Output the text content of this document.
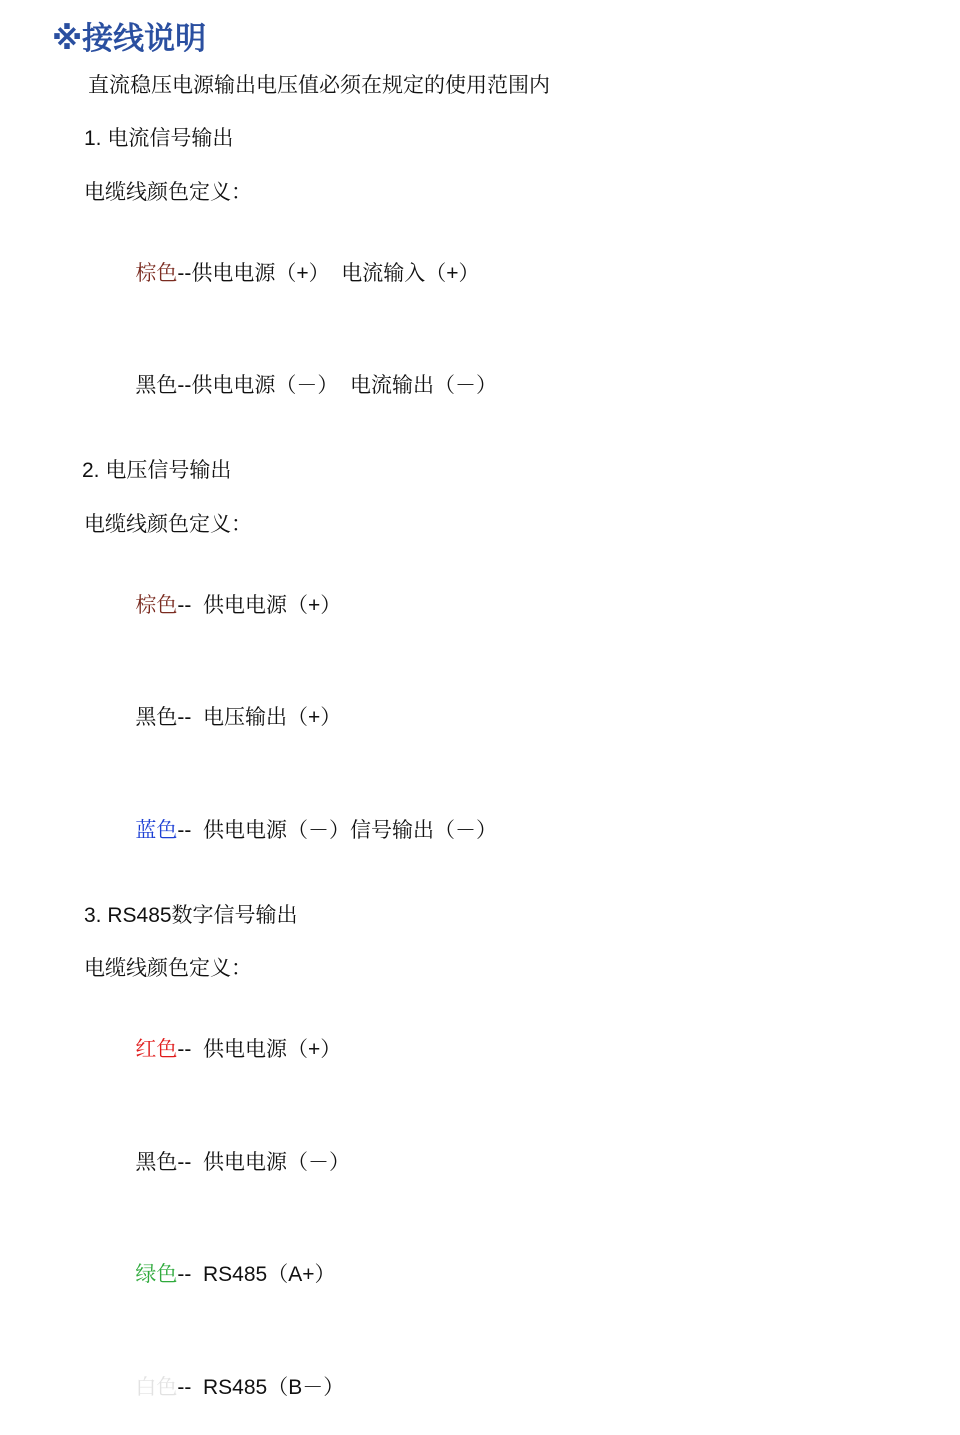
※接线说明
直流稳压电源输出电压值必须在规定的使用范围内
1. 电流信号输出
电缆线颜色定义：

棕色--供电电源（+）  电流输入（+）

黑色--供电电源（－）  电流输出（－）

2. 电压信号输出
电缆线颜色定义：

棕色--  供电电源（+）

黑色--  电压输出（+）

蓝色--  供电电源（－）信号输出（－）

3. RS485数字信号输出
电缆线颜色定义：

红色--  供电电源（+）

黑色--  供电电源（－）

绿色--  RS485（A+）

白色--  RS485（B－）
